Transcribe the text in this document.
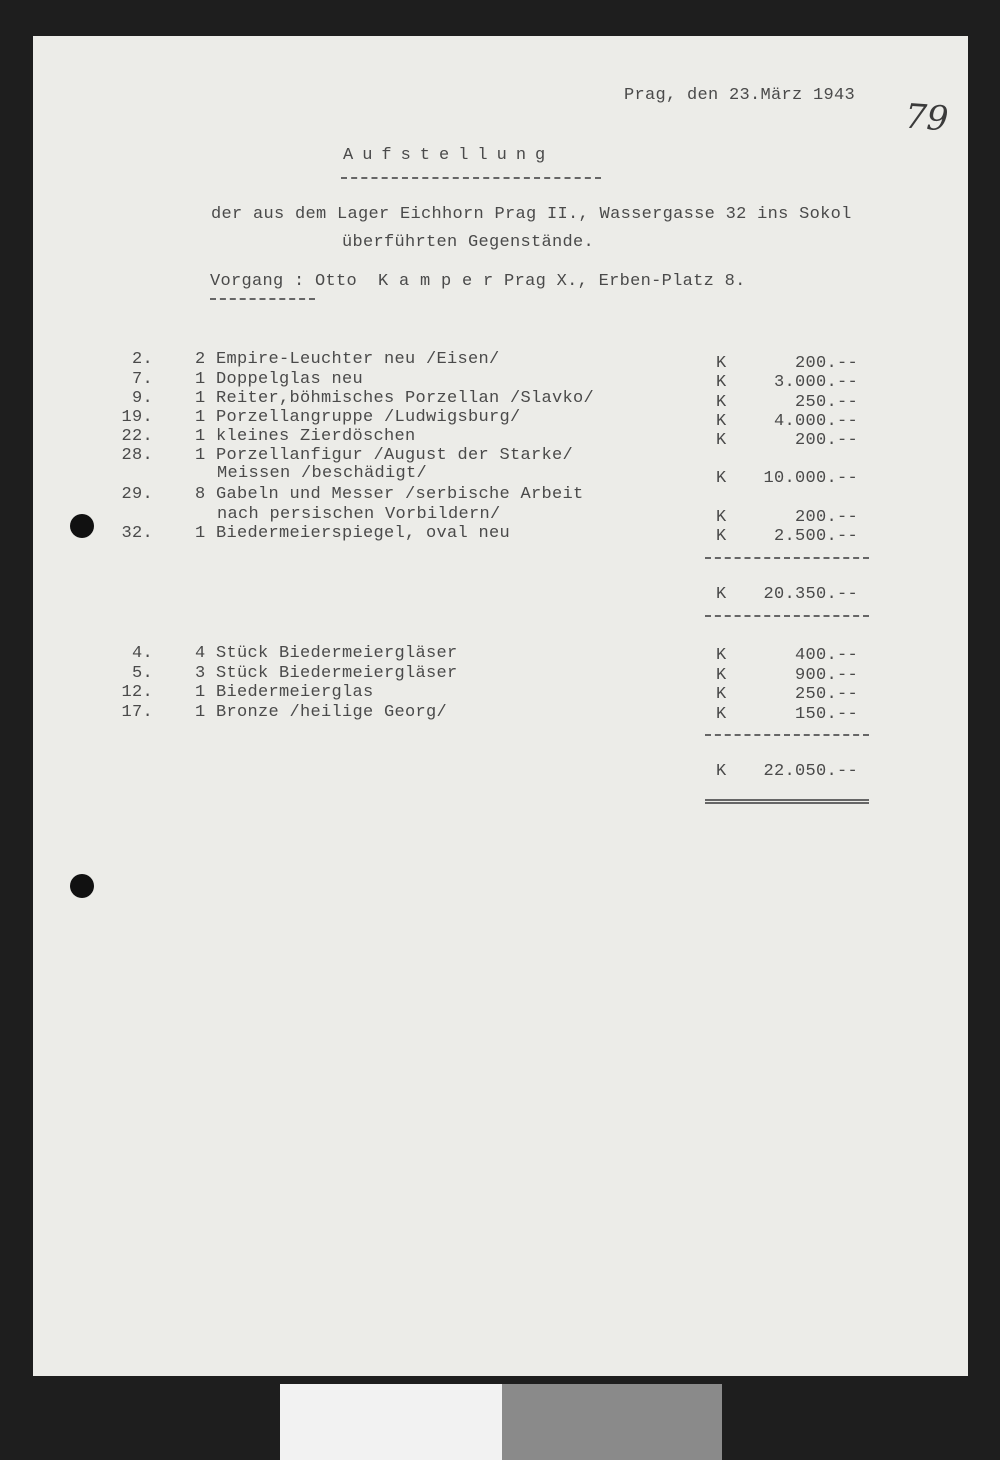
Prag, den 23.März 1943
79
Aufstellung
der aus dem Lager Eichhorn Prag II., Wassergasse 32 ins Sokol
überführten Gegenstände.
Vorgang : Otto  K a m p e r Prag X., Erben-Platz 8.
2. 2 Empire-Leuchter neu /Eisen/	K	200.--
7. 1 Doppelglas neu	K	3.000.--
9. 1 Reiter,böhmisches Porzellan /Slavko/	K	250.--
19. 1 Porzellangruppe /Ludwigsburg/	K	4.000.--
22. 1 kleines Zierdöschen	K	200.--
28. 1 Porzellanfigur /August der Starke/
Meissen /beschädigt/	K	10.000.--
29. 8 Gabeln und Messer /serbische Arbeit
nach persischen Vorbildern/	K	200.--
32. 1 Biedermeierspiegel, oval neu	K	2.500.--
K	20.350.--
4. 4 Stück Biedermeiergläser	K	400.--
5. 3 Stück Biedermeiergläser	K	900.--
12. 1 Biedermeierglas	K	250.--
17. 1 Bronze /heilige Georg/	K	150.--
K	22.050.--
